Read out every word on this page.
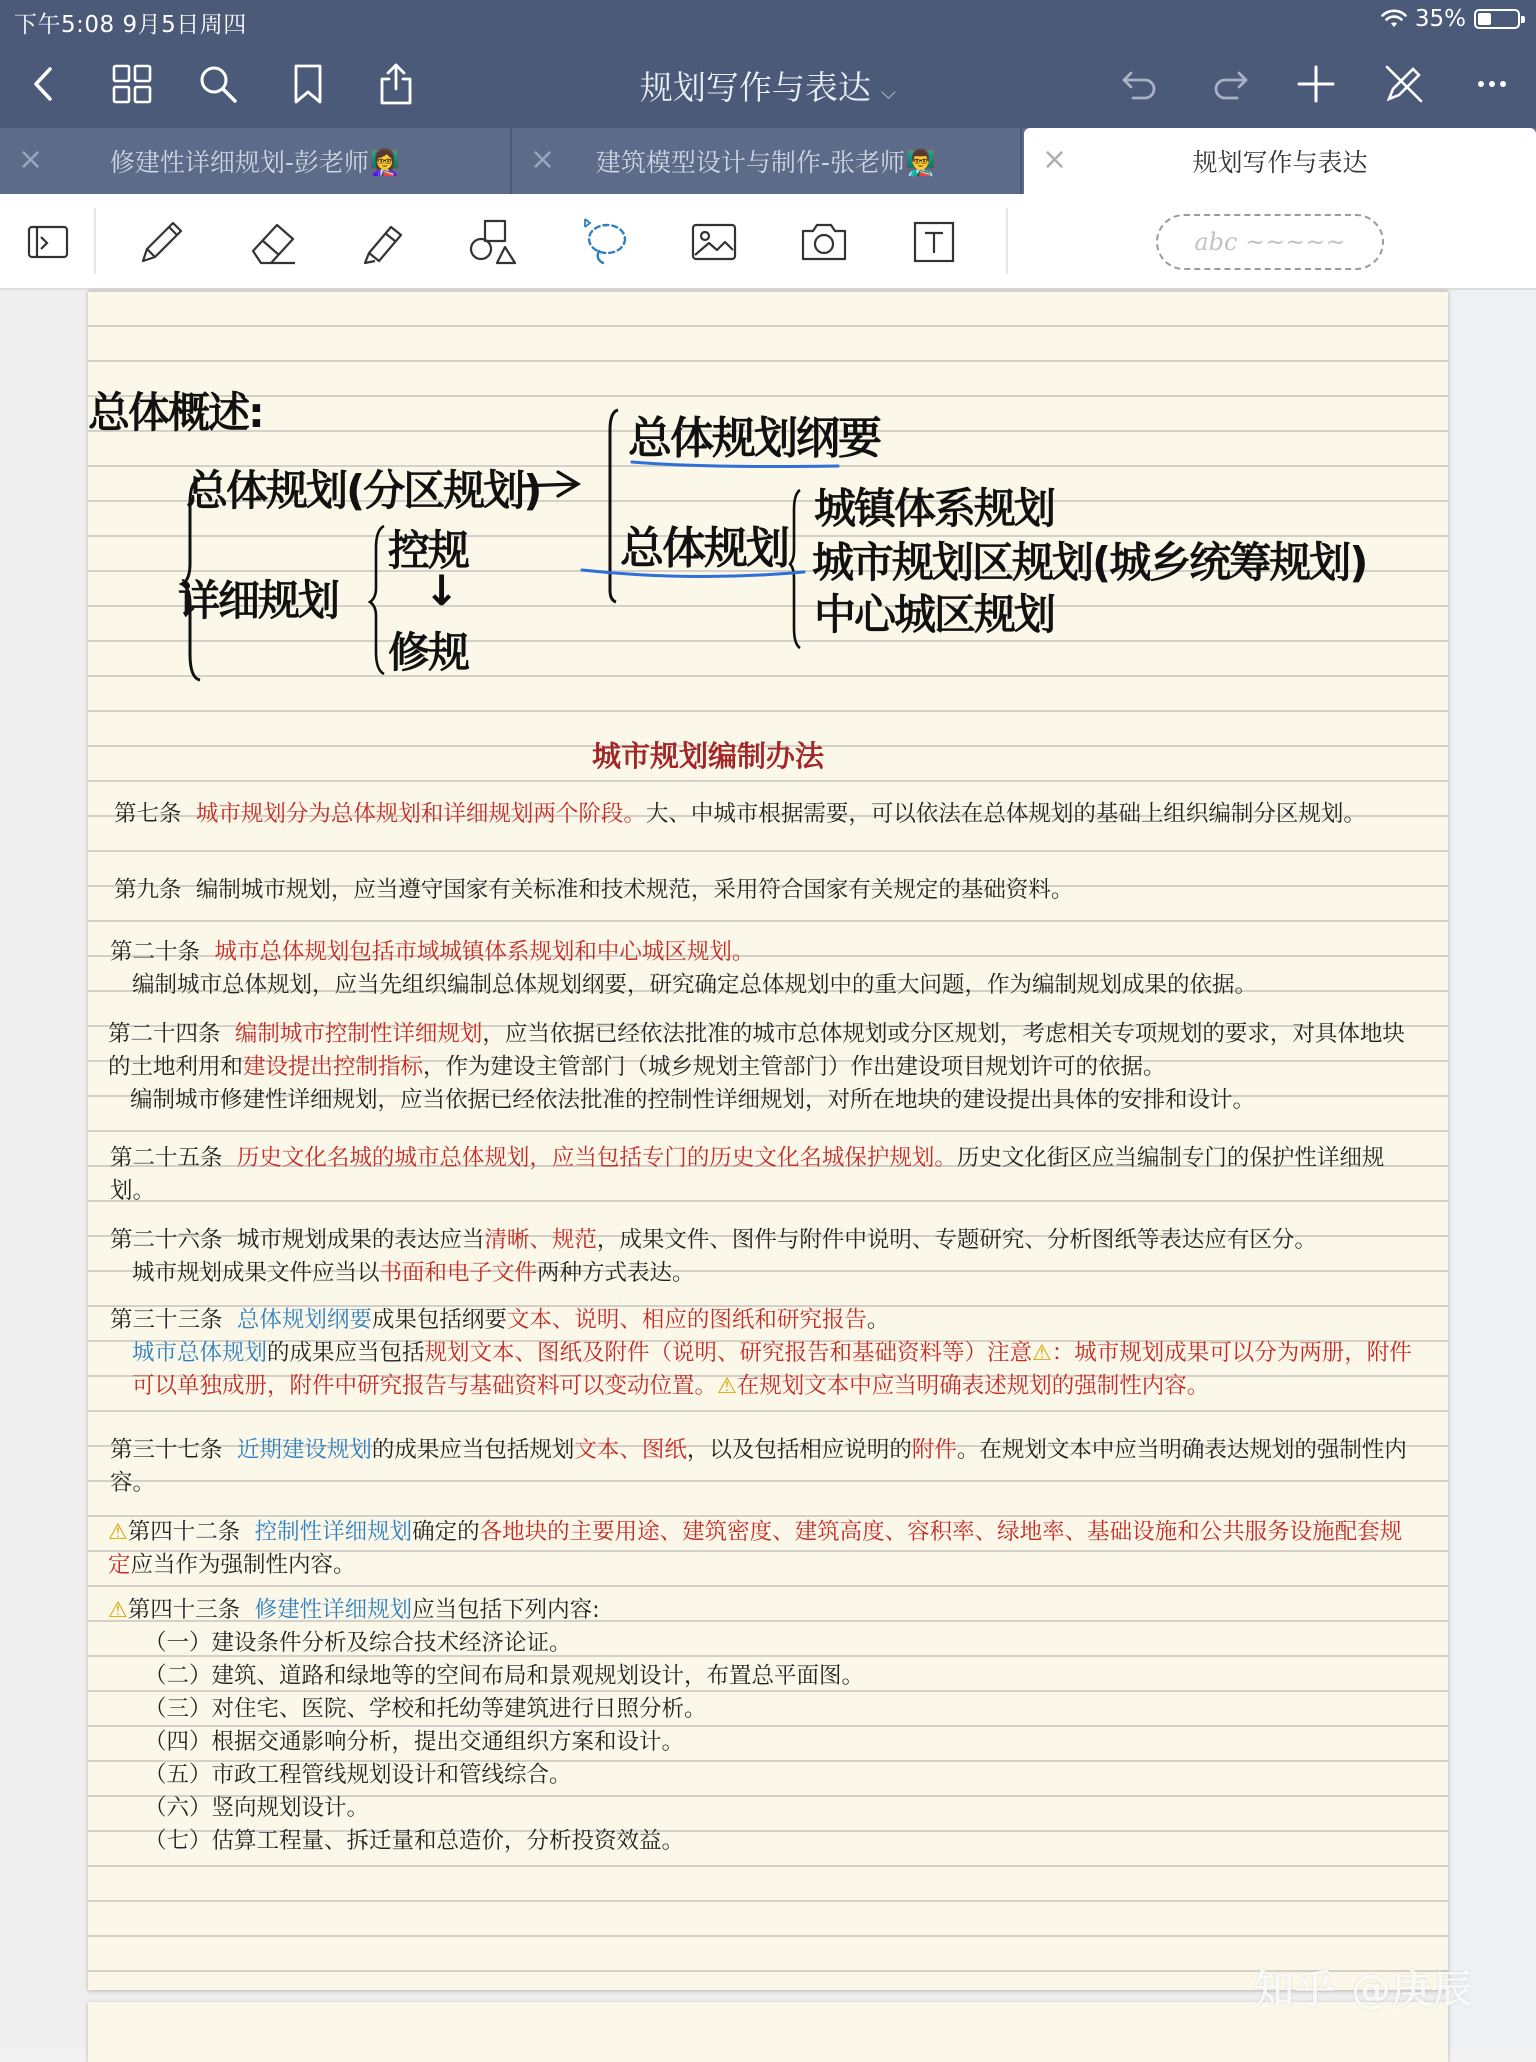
下午5:08 9月5日周四	35%
规划写作与表达 ⌵
×	修建性详细规划-彭老师👩‍🏫	×	建筑模型设计与制作-张老师👨‍🏫	×	规划写作与表达
abc ~~~~~
总体概述:
总体规划(分区规划)
详细规划
控规
↓
修规
总体规划纲要
总体规划
城镇体系规划
城市规划区规划(城乡统筹规划)
中心城区规划
城市规划编制办法

第七条 城市规划分为总体规划和详细规划两个阶段。大、中城市根据需要，可以依法在总体规划的基础上组织编制分区规划。

第九条 编制城市规划，应当遵守国家有关标准和技术规范，采用符合国家有关规定的基础资料。

第二十条 城市总体规划包括市域城镇体系规划和中心城区规划。

编制城市总体规划，应当先组织编制总体规划纲要，研究确定总体规划中的重大问题，作为编制规划成果的依据。

第二十四条 编制城市控制性详细规划，应当依据已经依法批准的城市总体规划或分区规划，考虑相关专项规划的要求，对具体地块的土地利用和建设提出控制指标，作为建设主管部门（城乡规划主管部门）作出建设项目规划许可的依据。

编制城市修建性详细规划，应当依据已经依法批准的控制性详细规划，对所在地块的建设提出具体的安排和设计。

第二十五条 历史文化名城的城市总体规划，应当包括专门的历史文化名城保护规划。历史文化街区应当编制专门的保护性详细规划。

第二十六条 城市规划成果的表达应当清晰、规范，成果文件、图件与附件中说明、专题研究、分析图纸等表达应有区分。

城市规划成果文件应当以书面和电子文件两种方式表达。

第三十三条 总体规划纲要成果包括纲要文本、说明、相应的图纸和研究报告。

城市总体规划的成果应当包括规划文本、图纸及附件（说明、研究报告和基础资料等）注意⚠：城市规划成果可以分为两册，附件可以单独成册，附件中研究报告与基础资料可以变动位置。⚠在规划文本中应当明确表述规划的强制性内容。

第三十七条 近期建设规划的成果应当包括规划文本、图纸，以及包括相应说明的附件。在规划文本中应当明确表达规划的强制性内容。

⚠第四十二条 控制性详细规划确定的各地块的主要用途、建筑密度、建筑高度、容积率、绿地率、基础设施和公共服务设施配套规定应当作为强制性内容。

⚠第四十三条 修建性详细规划应当包括下列内容:

（一）建设条件分析及综合技术经济论证。

（二）建筑、道路和绿地等的空间布局和景观规划设计，布置总平面图。

（三）对住宅、医院、学校和托幼等建筑进行日照分析。

（四）根据交通影响分析，提出交通组织方案和设计。

（五）市政工程管线规划设计和管线综合。

（六）竖向规划设计。

（七）估算工程量、拆迁量和总造价，分析投资效益。

知乎 @庚辰
